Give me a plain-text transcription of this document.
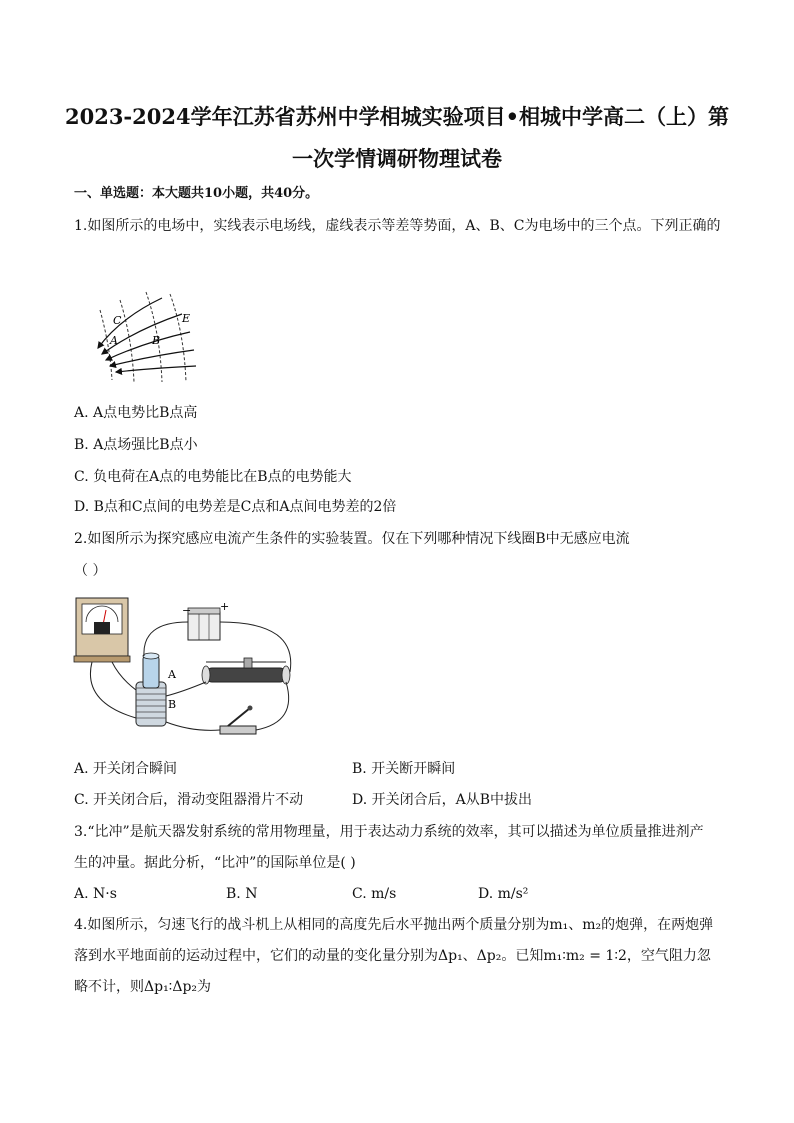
2023-2024学年江苏省苏州中学相城实验项目•相城中学高二（上）第
一次学情调研物理试卷

一、单选题：本大题共10小题，共40分。

1.如图所示的电场中，实线表示电场线，虚线表示等差等势面，A、B、C为电场中的三个点。下列正确的

C
A	B
E

A. A点电势比B点高

B. A点场强比B点小

C. 负电荷在A点的电势能比在B点的电势能大

D. B点和C点间的电势差是C点和A点间电势差的2倍

2.如图所示为探究感应电流产生条件的实验装置。仅在下列哪种情况下线圈B中无感应电流

（ ）

−	+
A
B

A. 开关闭合瞬间	B. 开关断开瞬间

C. 开关闭合后，滑动变阻器滑片不动	D. 开关闭合后，A从B中拔出

3.“比冲”是航天器发射系统的常用物理量，用于表达动力系统的效率，其可以描述为单位质量推进剂产

生的冲量。据此分析，“比冲”的国际单位是( )

A. N·s	B. N	C. m/s	D. m/s²

4.如图所示，匀速飞行的战斗机上从相同的高度先后水平抛出两个质量分别为m₁、m₂的炮弹，在两炮弹

落到水平地面前的运动过程中，它们的动量的变化量分别为Δp₁、Δp₂。已知m₁∶m₂ = 1∶2，空气阻力忽

略不计，则Δp₁∶Δp₂为
